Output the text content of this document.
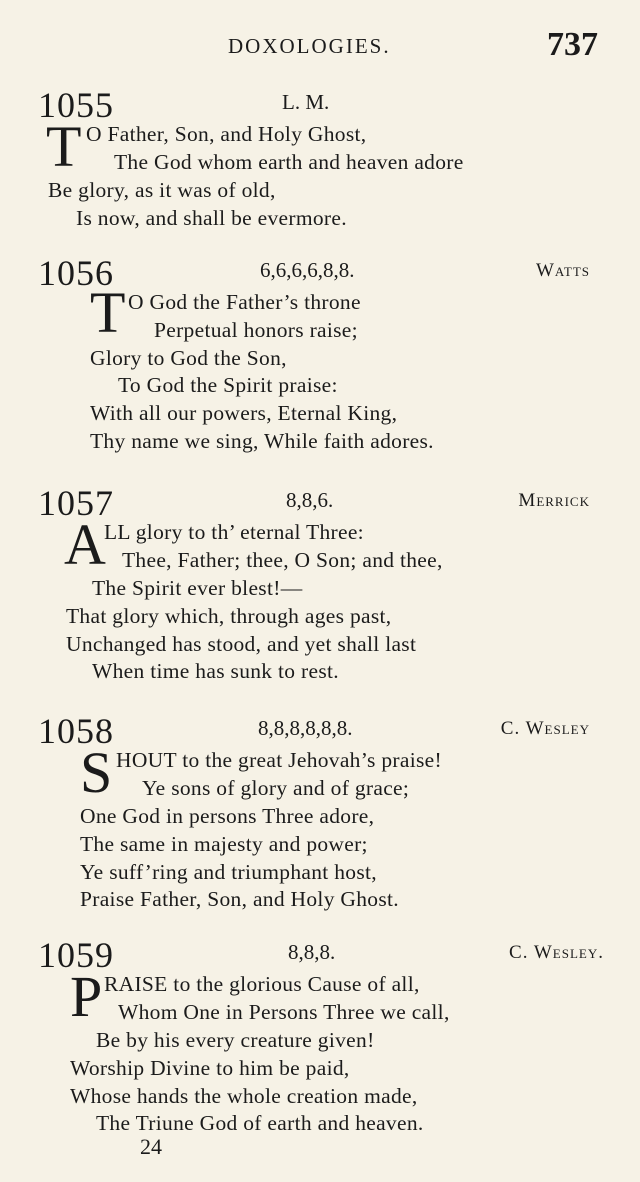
DOXOLOGIES.	737
1055	L. M.
T O Father, Son, and Holy Ghost,
The God whom earth and heaven adore
Be glory, as it was of old,
Is now, and shall be evermore.
1056	6,6,6,6,8,8.	Watts
T O God the Father’s throne
Perpetual honors raise;
Glory to God the Son,
To God the Spirit praise:
With all our powers, Eternal King,
Thy name we sing, While faith adores.
1057	8,8,6.	Merrick
A
LL glory to th’ eternal Three:
Thee, Father; thee, O Son; and thee,
The Spirit ever blest!—
That glory which, through ages past,
Unchanged has stood, and yet shall last
When time has sunk to rest.
1058	8,8,8,8,8,8.	C. Wesley
S HOUT to the great Jehovah’s praise!
Ye sons of glory and of grace;
One God in persons Three adore,
The same in majesty and power;
Ye suff’ring and triumphant host,
Praise Father, Son, and Holy Ghost.
1059	8,8,8.	C. Wesley.
P RAISE to the glorious Cause of all,
Whom One in Persons Three we call,
Be by his every creature given!
Worship Divine to him be paid,
Whose hands the whole creation made,
The Triune God of earth and heaven.
24
